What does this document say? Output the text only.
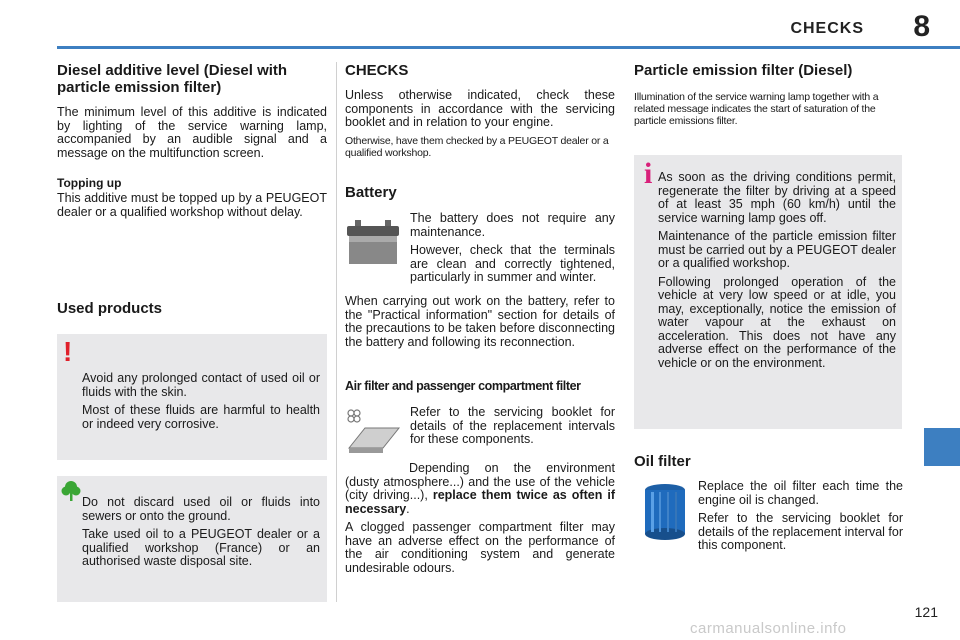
CHECKS 8
Diesel additive level (Diesel with particle emission filter)

The minimum level of this additive is indicated by lighting of the service warning lamp, accompanied by an audible signal and a message on the multifunction screen.

Topping up

This additive must be topped up by a PEUGEOT dealer or a qualified workshop without delay.

Used products
!

Avoid any prolonged contact of used oil or fluids with the skin.

Most of these fluids are harmful to health or indeed very corrosive.

Do not discard used oil or fluids into sewers or onto the ground.

Take used oil to a PEUGEOT dealer or a qualified workshop (France) or an authorised waste disposal site.

CHECKS

Unless otherwise indicated, check these components in accordance with the servicing booklet and in relation to your engine.

Otherwise, have them checked by a PEUGEOT dealer or a qualified workshop.

Battery

The battery does not require any maintenance.

However, check that the terminals are clean and correctly tightened, particularly in summer and winter.

When carrying out work on the battery, refer to the "Practical information" section for details of the precautions to be taken before disconnecting the battery and following its reconnection.

Air filter and passenger compartment filter

Refer to the servicing booklet for details of the replacement intervals for these components.

Depending on the environment (dusty atmosphere...) and the use of the vehicle (city driving...), replace them twice as often if necessary.

A clogged passenger compartment filter may have an adverse effect on the performance of the air conditioning system and generate undesirable odours.

Particle emission filter (Diesel)

Illumination of the service warning lamp together with a related message indicates the start of saturation of the particle emissions filter.

i As soon as the driving conditions permit, regenerate the filter by driving at a speed of at least 35 mph (60 km/h) until the service warning lamp goes off.

Maintenance of the particle emission filter must be carried out by a PEUGEOT dealer or a qualified workshop.

Following prolonged operation of the vehicle at very low speed or at idle, you may, exceptionally, notice the emission of water vapour at the exhaust on acceleration. This does not have any adverse effect on the performance of the vehicle or on the environment.

Oil filter

Replace the oil filter each time the engine oil is changed.

Refer to the servicing booklet for details of the replacement interval for this component.

121
carmanualsonline.info
